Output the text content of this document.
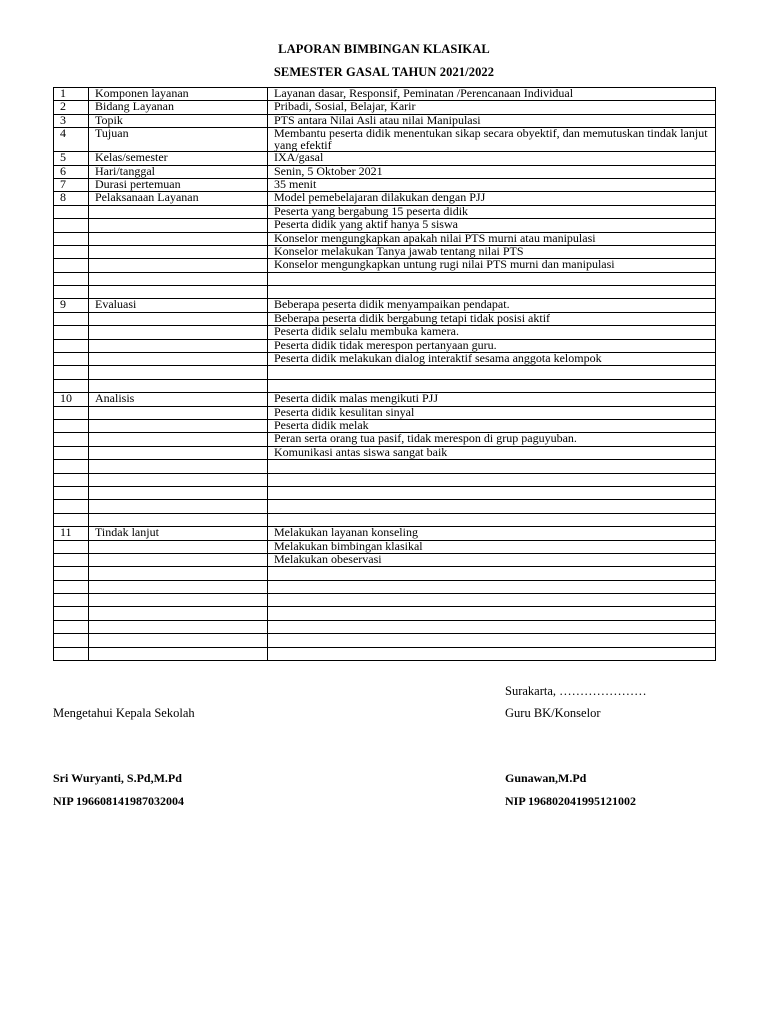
LAPORAN BIMBINGAN KLASIKAL
SEMESTER GASAL TAHUN 2021/2022
1	Komponen layanan	Layanan dasar, Responsif, Peminatan /Perencanaan Individual
2	Bidang Layanan	Pribadi, Sosial, Belajar, Karir
3	Topik	PTS antara Nilai Asli atau nilai Manipulasi
4	Tujuan	Membantu peserta didik menentukan sikap secara obyektif, dan memutuskan tindak lanjut yang efektif
5	Kelas/semester	IXA/gasal
6	Hari/tanggal	Senin, 5 Oktober 2021
7	Durasi pertemuan	35 menit
8	Pelaksanaan Layanan	Model pemebelajaran dilakukan dengan PJJ
		Peserta yang bergabung 15 peserta didik
		Peserta didik yang aktif hanya 5 siswa
		Konselor mengungkapkan apakah nilai PTS murni atau manipulasi
		Konselor melakukan Tanya jawab tentang nilai PTS
		Konselor mengungkapkan untung rugi nilai PTS murni dan manipulasi

9	Evaluasi	Beberapa peserta didik menyampaikan pendapat.
		Beberapa peserta didik bergabung tetapi tidak posisi aktif
		Peserta didik selalu membuka kamera.
		Peserta didik tidak merespon pertanyaan guru.
		Peserta didik melakukan dialog interaktif sesama anggota kelompok

10	Analisis	Peserta didik malas mengikuti PJJ
		Peserta didik kesulitan sinyal
		Peserta didik melak
		Peran serta orang tua pasif, tidak merespon di grup paguyuban.
		Komunikasi antas siswa sangat baik

11	Tindak lanjut	Melakukan layanan konseling
		Melakukan bimbingan klasikal
		Melakukan obeservasi

Surakarta, …………………
Mengetahui Kepala Sekolah	Guru BK/Konselor
Sri Wuryanti, S.Pd,M.Pd	Gunawan,M.Pd
NIP 196608141987032004	NIP 196802041995121002
